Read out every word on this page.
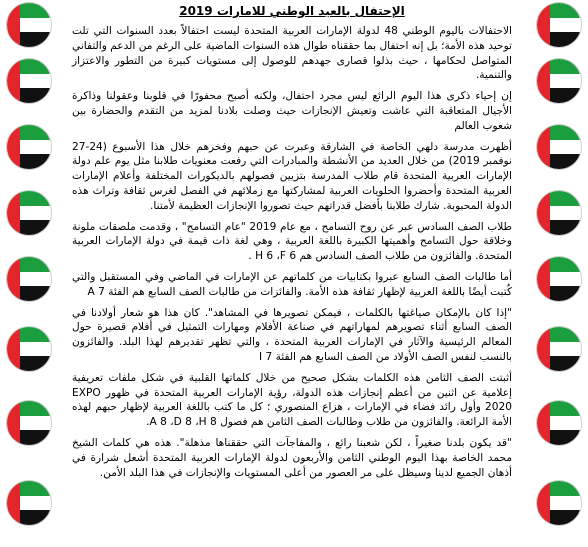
الإحتفال بالعيد الوطني للامارات 2019

الاحتفالات باليوم الوطني 48 لدولة الإمارات العربية المتحدة ليست احتفالاً بعدد السنوات التي تلت توحيد هذه الأمة؛ بل إنه احتفال بما حققناه طوال هذه السنوات الماضية على الرغم من الدعم والتفاني المتواصل لحكامها ، حيث بذلوا قصارى جهدهم للوصول إلى مستويات كبيرة من التطور والاعتزاز والتنمية.

إن إحياء ذكرى هذا اليوم الرائع ليس مجرد احتفال، ولكنه أصبح محفورًا في قلوبنا وعقولنا وذاكرة الأجيال المتعاقبة التي عاشت وتعيش الإنجازات حيث وصلت بلادنا لمزيد من التقدم والحضارة بين شعوب العالم

أظهرت مدرسة دلهي الخاصة في الشارقة وعبرت عن حبهم وفخرهم خلال هذا الأسبوع (24-27 نوفمبر 2019) من خلال العديد من الأنشطة والمبادرات التي رفعت معنويات طلابنا مثل يوم علم دولة الإمارات العربية المتحدة قام طلاب المدرسة بتزيين فصولهم بالديكورات المختلفة وأعلام الإمارات العربية المتحدة وأحضروا الحلويات العربية لمشاركتها مع زملائهم في الفصل لغرس ثقافة وتراث هذه الدولة المحبوبة. شارك طلابنا بأفضل قدراتهم حيث تصوروا الإنجازات العظيمة لأمتنا.

طلاب الصف السادس عبر عن روح التسامح ، مع عام 2019 "عام التسامح" ، وقدمت ملصقات ملونة وخلاقة حول التسامح وأهميتها الكبيرة باللغة العربية ، وهي لغة ذات قيمة في دولة الإمارات العربية المتحدة. والفائزون من طلاب الصف السادس هم H 6 ،F 6 .

أما طالبات الصف السابع عبروا بكتابيات من كلماتهم عن الإمارات في الماضي وفي المستقبل والتي كُتبت أيضًا باللغة العربية لإظهار ثقافة هذه الأمة. والفائزات من طالبات الصف السابع هم الفئة A 7

"إذا كان بالإمكان صياغتها بالكلمات ، فيمكن تصويرها في المشاهد". كان هذا هو شعار أولادنا في الصف السابع أثناء تصويرهم لمهاراتهم في صناعة الأفلام ومهارات التمثيل في أفلام قصيرة حول المعالم الرئيسية والآثار في الإمارات العربية المتحدة ، والتي تظهر تقديرهم لهذا البلد. والفائزون بالنسب لنفس الصف الأولاد من الصف السابع هم الفئة I 7

أثبتت الصف الثامن هذه الكلمات بشكل صحيح من خلال كلماتها القلبية في شكل ملفات تعريفية إعلامية عن اثنين من أعظم إنجازات هذه الدولة، رؤية الإمارات العربية المتحدة في ظهور EXPO 2020 وأول رائد فضاء في الإمارات ، هزاع المنصوري ؛ كل ما كتب باللغة العربية لإظهار حبهم لهذه الأمة الرائعة. والفائزون من طلاب وطالبات الصف الثامن هم فصول A 8 ،D 8 ،H 8.

"قد يكون بلدنا صغيراً ، لكن شعبنا رائع ، والمفاجآت التي حققناها مذهلة". هذه هي كلمات الشيخ محمد الخاصة بهذا اليوم الوطني الثامن والأربعون لدولة الإمارات العربية المتحدة أشعل شرارة في أذهان الجميع لدينا وسيظل على مر العصور من أعلى المستويات والإنجازات في هذا البلد الأمن.
